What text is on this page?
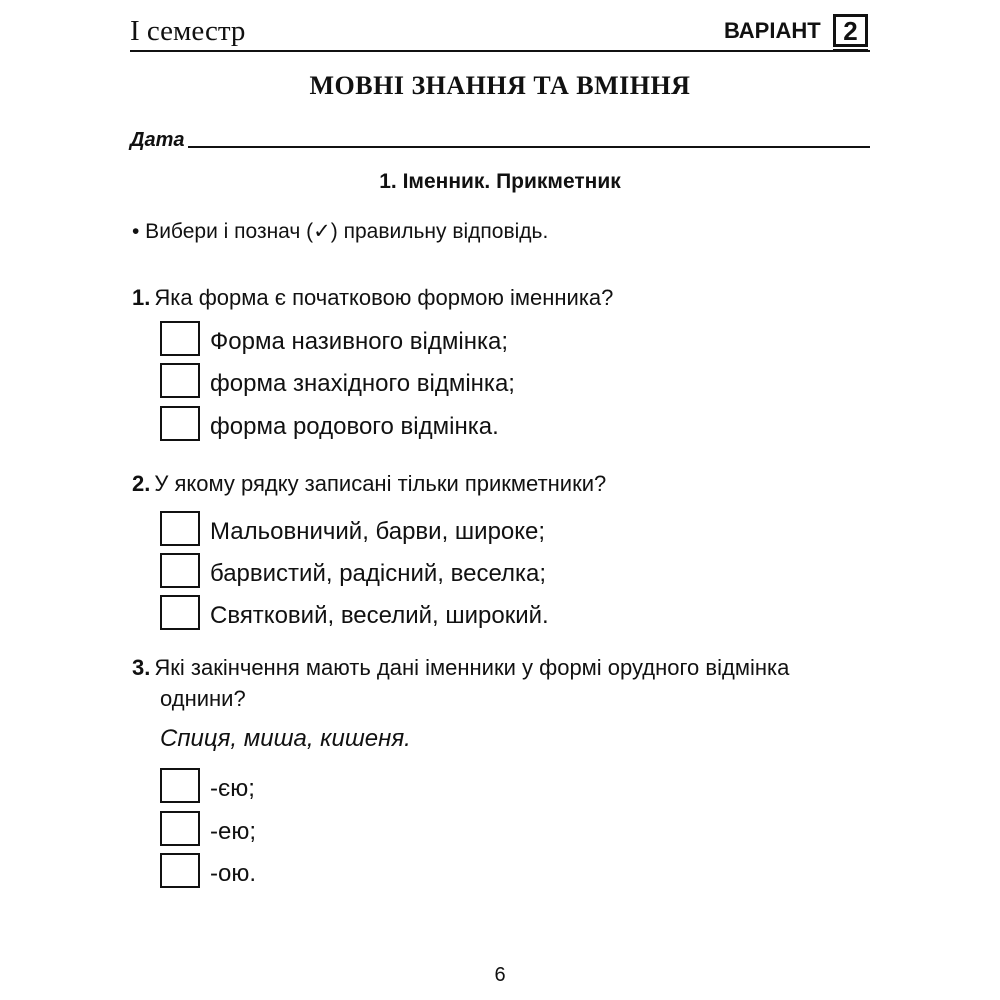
І семестр	ВАРІАНТ 2
МОВНІ ЗНАННЯ ТА ВМІННЯ
Дата
1. Іменник. Прикметник
• Вибери і познач (✓) правильну відповідь.
1. Яка форма є початковою формою іменника?
Форма називного відмінка;
форма знахідного відмінка;
форма родового відмінка.
2. У якому рядку записані тільки прикметники?
Мальовничий, барви, широке;
барвистий, радісний, веселка;
Святковий, веселий, широкий.
3. Які закінчення мають дані іменники у формі орудного відмінка
однини?
Спиця, миша, кишеня.
-єю;
-ею;
-ою.
6
